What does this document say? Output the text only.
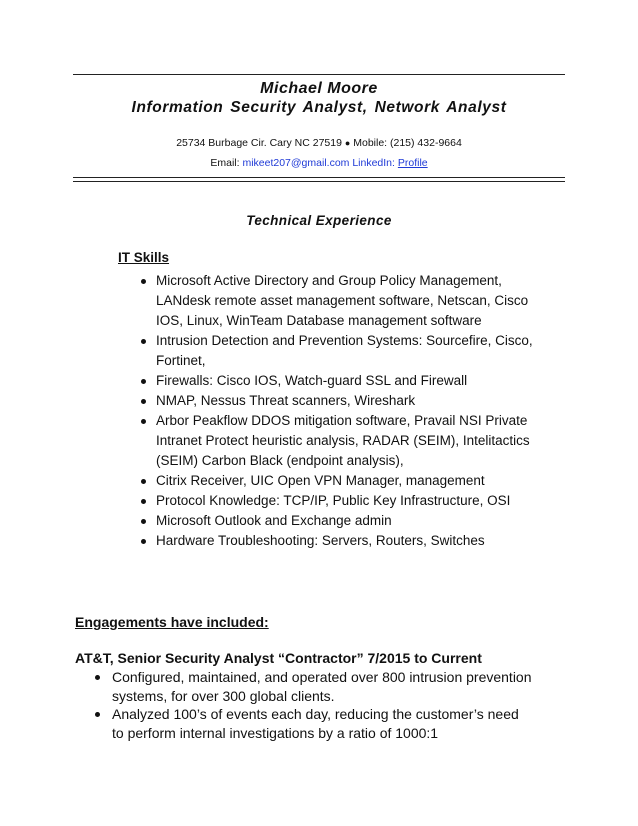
Michael Moore
Information Security Analyst, Network Analyst
25734 Burbage Cir. Cary NC 27519 ● Mobile: (215) 432-9664
Email: mikeet207@gmail.com LinkedIn: Profile
Technical Experience
IT Skills
Microsoft Active Directory and Group Policy Management, LANdesk remote asset management software, Netscan, Cisco IOS, Linux, WinTeam Database management software
Intrusion Detection and Prevention Systems: Sourcefire, Cisco, Fortinet,
Firewalls: Cisco IOS, Watch-guard SSL and Firewall
NMAP, Nessus Threat scanners, Wireshark
Arbor Peakflow DDOS mitigation software, Pravail NSI Private Intranet Protect heuristic analysis, RADAR (SEIM), Intelitactics (SEIM) Carbon Black (endpoint analysis),
Citrix Receiver, UIC Open VPN Manager, management
Protocol Knowledge: TCP/IP, Public Key Infrastructure, OSI
Microsoft Outlook and Exchange admin
Hardware Troubleshooting: Servers, Routers, Switches
Engagements have included:
AT&T, Senior Security Analyst “Contractor” 7/2015 to Current
Configured, maintained, and operated over 800 intrusion prevention systems, for over 300 global clients.
Analyzed 100’s of events each day, reducing the customer’s need to perform internal investigations by a ratio of 1000:1
